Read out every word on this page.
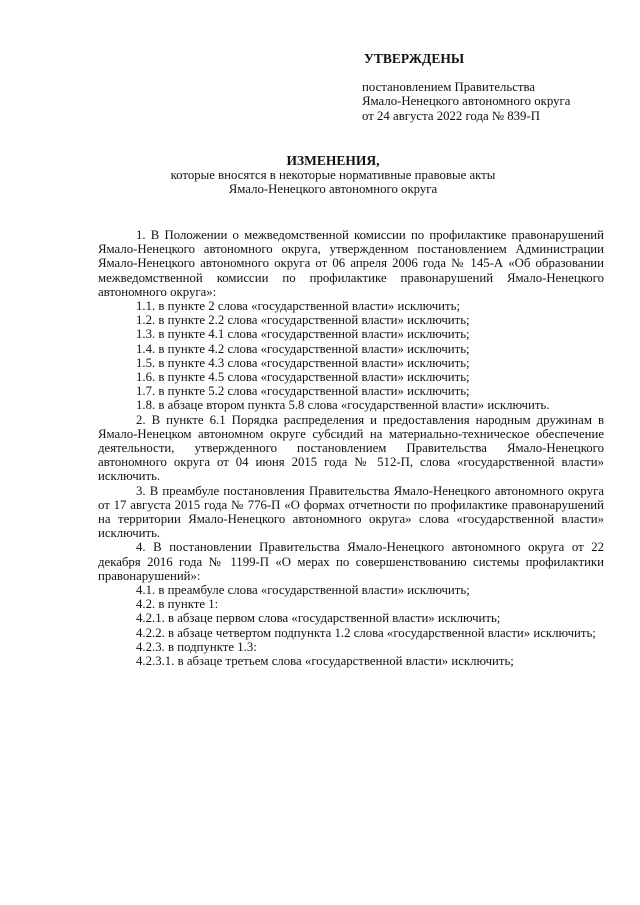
УТВЕРЖДЕНЫ
постановлением Правительства
Ямало-Ненецкого автономного округа
от 24 августа 2022 года № 839-П
ИЗМЕНЕНИЯ,
которые вносятся в некоторые нормативные правовые акты
Ямало-Ненецкого автономного округа
1. В Положении о межведомственной комиссии по профилактике правонарушений Ямало-Ненецкого автономного округа, утвержденном постановлением Администрации Ямало-Ненецкого автономного округа от 06 апреля 2006 года № 145-А «Об образовании межведомственной комиссии по профилактике правонарушений Ямало-Ненецкого автономного округа»:
1.1. в пункте 2 слова «государственной власти» исключить;
1.2. в пункте 2.2 слова «государственной власти» исключить;
1.3. в пункте 4.1 слова «государственной власти» исключить;
1.4. в пункте 4.2 слова «государственной власти» исключить;
1.5. в пункте 4.3 слова «государственной власти» исключить;
1.6. в пункте 4.5 слова «государственной власти» исключить;
1.7. в пункте 5.2 слова «государственной власти» исключить;
1.8. в абзаце втором пункта 5.8 слова «государственной власти» исключить.
2. В пункте 6.1 Порядка распределения и предоставления народным дружинам в Ямало-Ненецком автономном округе субсидий на материально-техническое обеспечение деятельности, утвержденного постановлением Правительства Ямало-Ненецкого автономного округа от 04 июня 2015 года № 512-П, слова «государственной власти» исключить.
3. В преамбуле постановления Правительства Ямало-Ненецкого автономного округа от 17 августа 2015 года № 776-П «О формах отчетности по профилактике правонарушений на территории Ямало-Ненецкого автономного округа» слова «государственной власти» исключить.
4. В постановлении Правительства Ямало-Ненецкого автономного округа от 22 декабря 2016 года № 1199-П «О мерах по совершенствованию системы профилактики правонарушений»:
4.1. в преамбуле слова «государственной власти» исключить;
4.2. в пункте 1:
4.2.1. в абзаце первом слова «государственной власти» исключить;
4.2.2. в абзаце четвертом подпункта 1.2 слова «государственной власти» исключить;
4.2.3. в подпункте 1.3:
4.2.3.1. в абзаце третьем слова «государственной власти» исключить;
